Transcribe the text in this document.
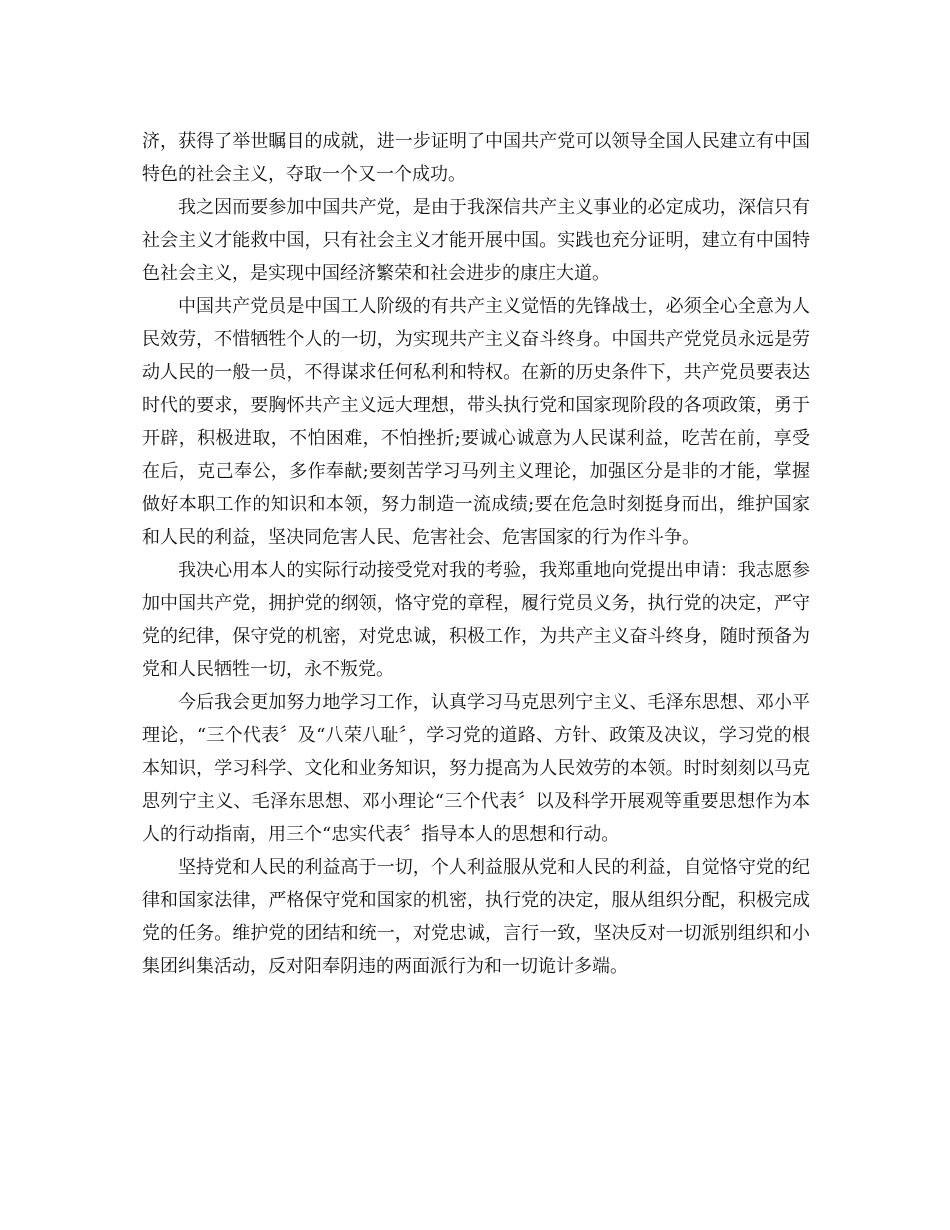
济，获得了举世瞩目的成就，进一步证明了中国共产党可以领导全国人民建立有中国特色的社会主义，夺取一个又一个成功。

我之因而要参加中国共产党，是由于我深信共产主义事业的必定成功，深信只有社会主义才能救中国，只有社会主义才能开展中国。实践也充分证明，建立有中国特色社会主义，是实现中国经济繁荣和社会进步的康庄大道。

中国共产党员是中国工人阶级的有共产主义觉悟的先锋战士，必须全心全意为人民效劳，不惜牺牲个人的一切，为实现共产主义奋斗终身。中国共产党党员永远是劳动人民的一般一员，不得谋求任何私利和特权。在新的历史条件下，共产党员要表达时代的要求，要胸怀共产主义远大理想，带头执行党和国家现阶段的各项政策，勇于开辟，积极进取，不怕困难，不怕挫折;要诚心诚意为人民谋利益，吃苦在前，享受在后，克己奉公，多作奉献;要刻苦学习马列主义理论，加强区分是非的才能，掌握做好本职工作的知识和本领，努力制造一流成绩;要在危急时刻挺身而出，维护国家和人民的利益，坚决同危害人民、危害社会、危害国家的行为作斗争。

我决心用本人的实际行动接受党对我的考验，我郑重地向党提出申请：我志愿参加中国共产党，拥护党的纲领，恪守党的章程，履行党员义务，执行党的决定，严守党的纪律，保守党的机密，对党忠诚，积极工作，为共产主义奋斗终身，随时预备为党和人民牺牲一切，永不叛党。

今后我会更加努力地学习工作，认真学习马克思列宁主义、毛泽东思想、邓小平理论，“三个代表〞及“八荣八耻〞，学习党的道路、方针、政策及决议，学习党的根本知识，学习科学、文化和业务知识，努力提高为人民效劳的本领。时时刻刻以马克思列宁主义、毛泽东思想、邓小理论“三个代表〞以及科学开展观等重要思想作为本人的行动指南，用三个“忠实代表〞指导本人的思想和行动。

坚持党和人民的利益高于一切，个人利益服从党和人民的利益，自觉恪守党的纪律和国家法律，严格保守党和国家的机密，执行党的决定，服从组织分配，积极完成党的任务。维护党的团结和统一，对党忠诚，言行一致，坚决反对一切派别组织和小集团纠集活动，反对阳奉阴违的两面派行为和一切诡计多端。
